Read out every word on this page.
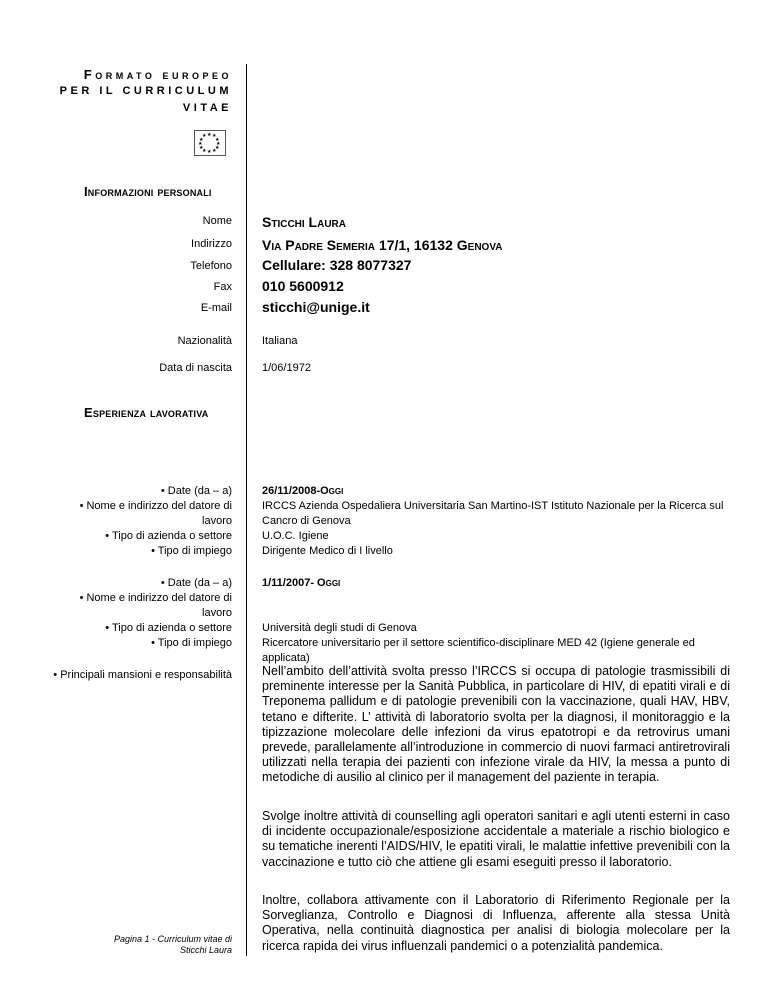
Formato europeo
PER IL CURRICULUM
VITAE
★ ★
★
★
★
★
★
★
★
★
★
★
Informazioni personali
Nome Sticchi Laura
Indirizzo Via Padre Semeria 17/1, 16132 Genova
Telefono Cellulare: 328 8077327
Fax 010 5600912
E-mail sticchi@unige.it
Nazionalità	Italiana
Data di nascita	1/06/1972
Esperienza lavorativa
• Date (da – a)
• Nome e indirizzo del datore di
lavoro
• Tipo di azienda o settore
• Tipo di impiego
26/11/2008-Oggi
IRCCS Azienda Ospedaliera Universitaria San Martino-IST Istituto Nazionale per la Ricerca sul Cancro di Genova
U.O.C. Igiene
Dirigente Medico di I livello
• Date (da – a)
• Nome e indirizzo del datore di
lavoro
• Tipo di azienda o settore
• Tipo di impiego
1/11/2007- Oggi
Università degli studi di Genova
Ricercatore universitario per il settore scientifico-disciplinare MED 42 (Igiene generale ed applicata)
• Principali mansioni e responsabilità Nell’ambito dell’attività svolta presso l’IRCCS si occupa di patologie trasmissibili di preminente interesse per la Sanità Pubblica, in particolare di HIV, di epatiti virali e di Treponema pallidum e di patologie prevenibili con la vaccinazione, quali HAV, HBV, tetano e difterite. L’ attività di laboratorio svolta per la diagnosi, il monitoraggio e la tipizzazione molecolare delle infezioni da virus epatotropi e da retrovirus umani prevede, parallelamente all’introduzione in commercio di nuovi farmaci antiretrovirali utilizzati nella terapia dei pazienti con infezione virale da HIV, la messa a punto di metodiche di ausilio al clinico per il management del paziente in terapia.
Svolge inoltre attività di counselling agli operatori sanitari e agli utenti esterni in caso di incidente occupazionale/esposizione accidentale a materiale a rischio biologico e su tematiche inerenti l’AIDS/HIV, le epatiti virali, le malattie infettive prevenibili con la vaccinazione e tutto ciò che attiene gli esami eseguiti presso il laboratorio.
Inoltre, collabora attivamente con il Laboratorio di Riferimento Regionale per la Sorveglianza, Controllo e Diagnosi di Influenza, afferente alla stessa Unità Operativa, nella continuità diagnostica per analisi di biologia molecolare per la ricerca rapida dei virus influenzali pandemici o a potenzialità pandemica.
Pagina 1 - Curriculum vitae di
Sticchi Laura
